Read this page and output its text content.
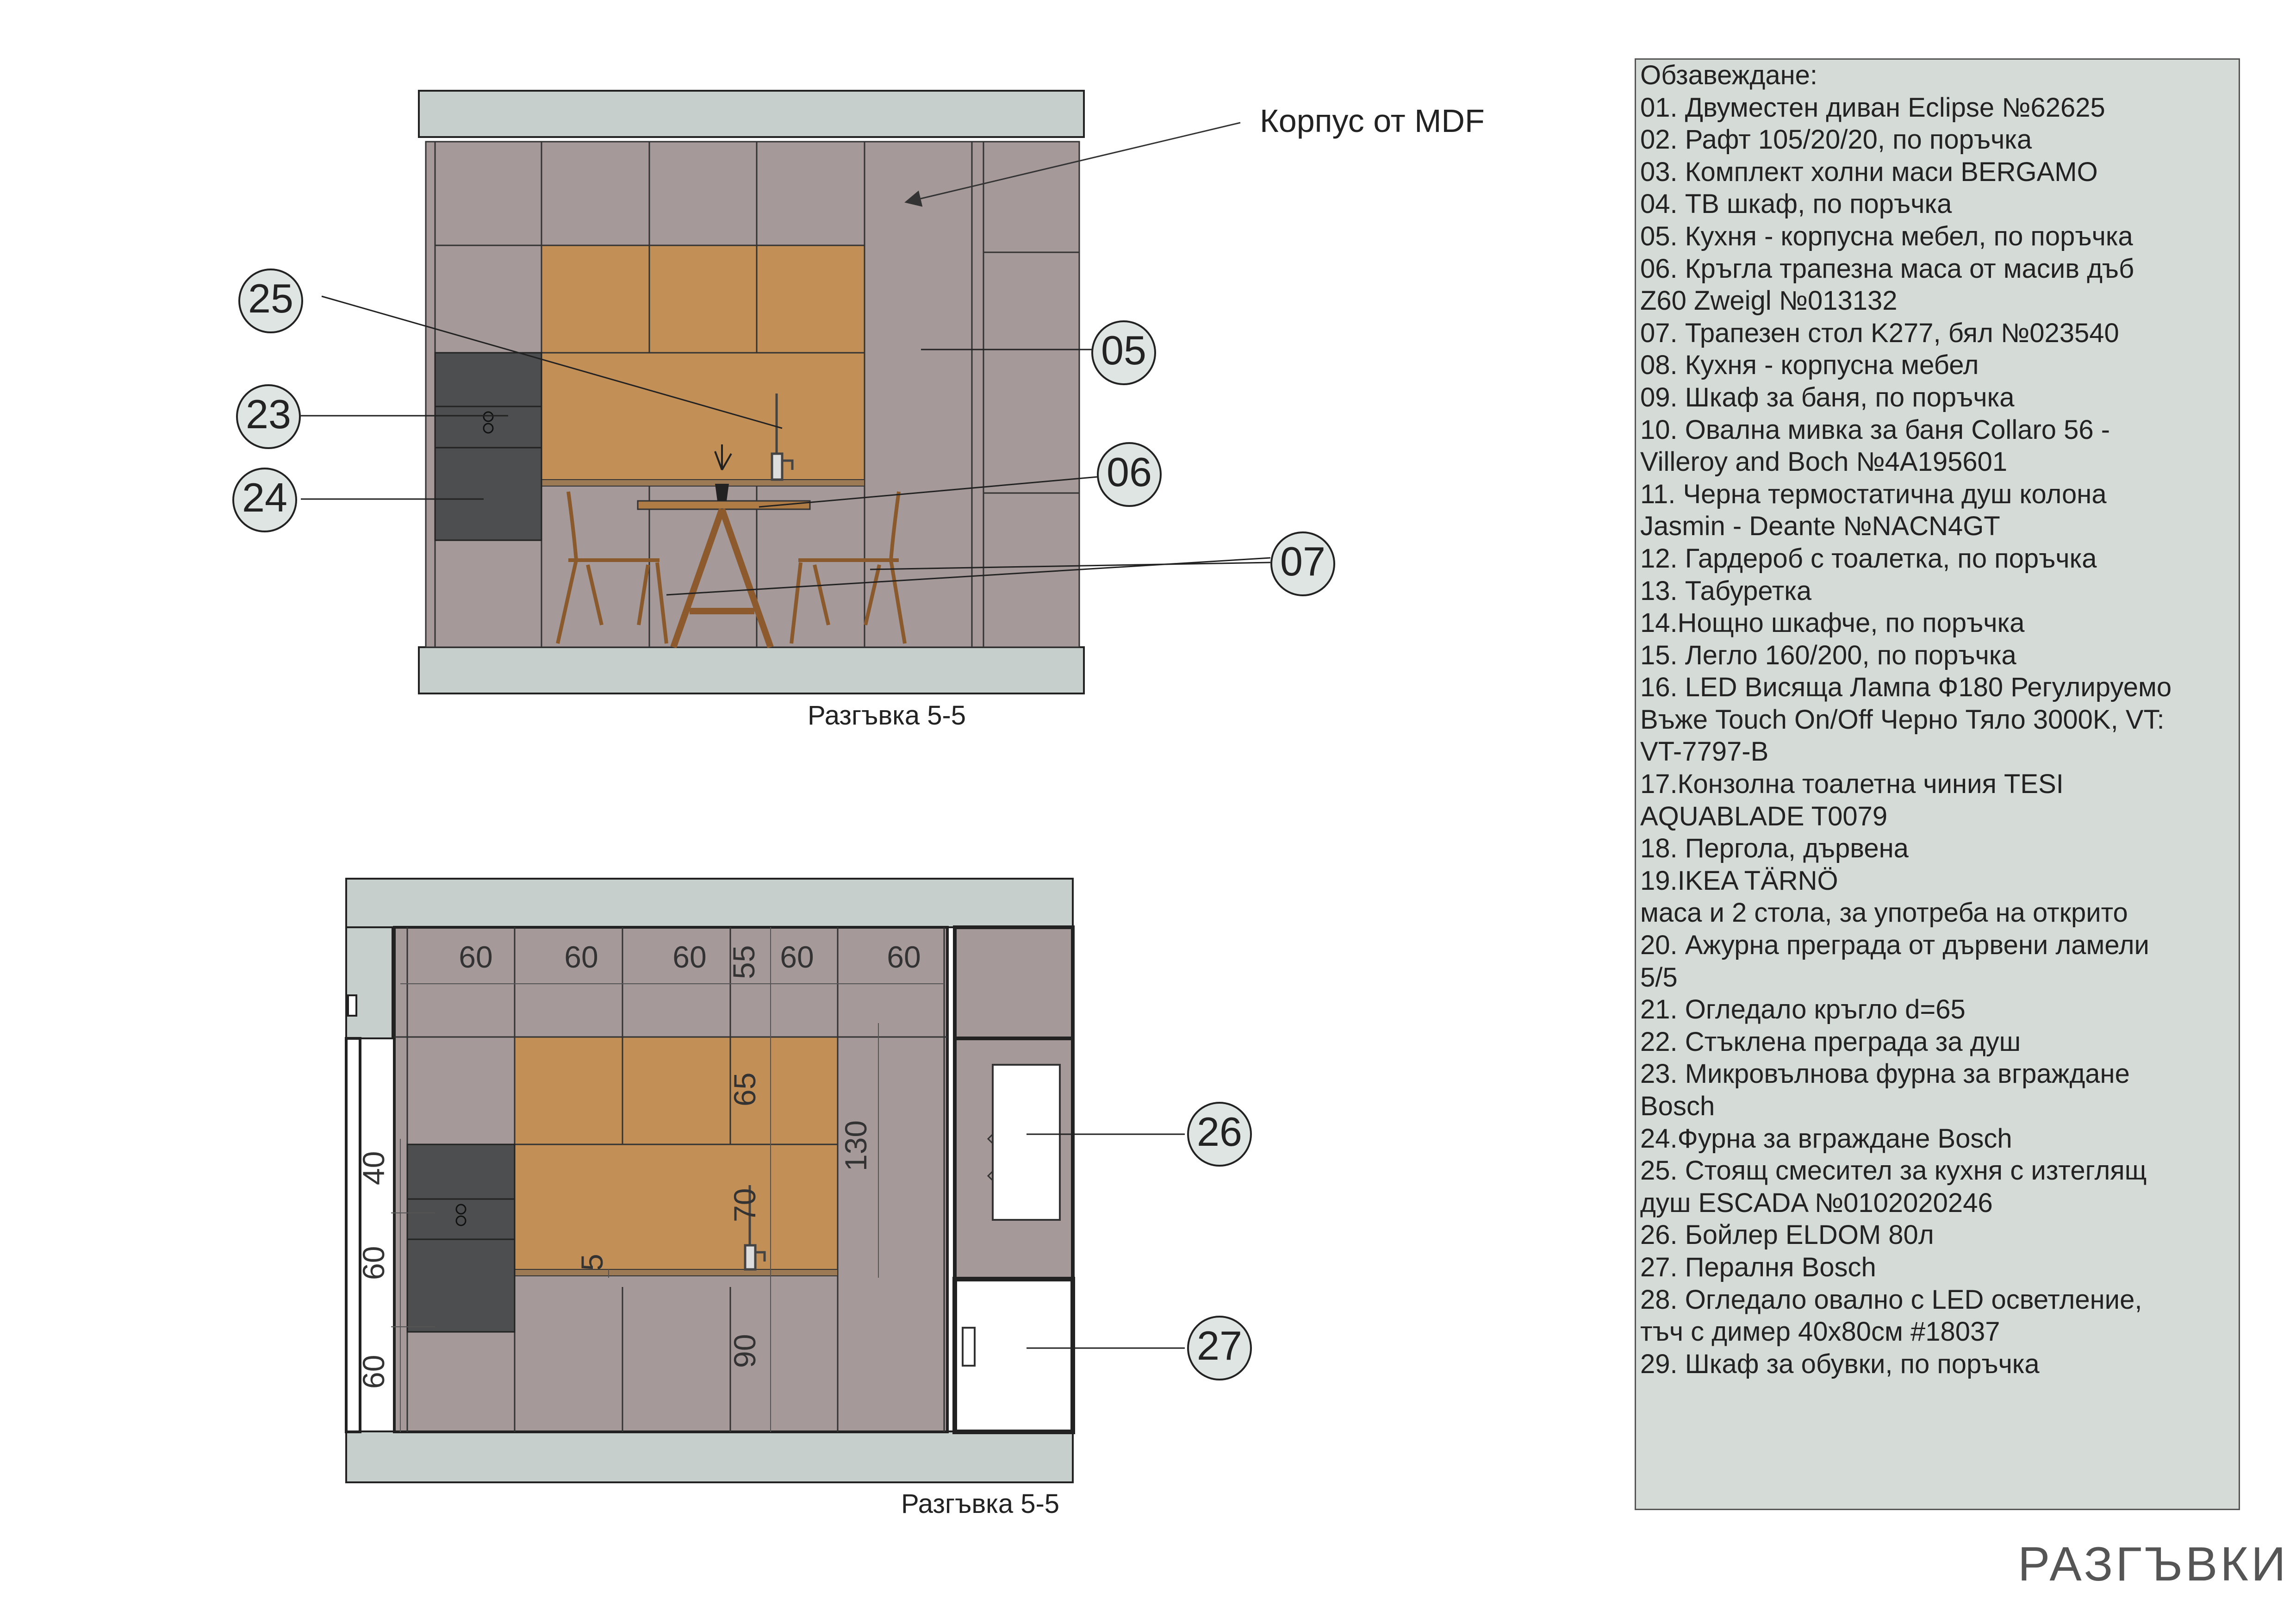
Корпус от MDF
25
23
24
05
06
07
Разгъвка 5-5
60 60 60 55 60 60
65
130
70
5
90
40
60
60
26
27
Разгъвка 5-5
Обзавеждане:
01. Двуместен диван Eclipse №62625
02. Рафт 105/20/20, по поръчка
03. Комплект холни маси BERGAMO
04. ТВ шкаф, по поръчка
05. Кухня - корпусна мебел, по поръчка
06. Кръгла трапезна маса от масив дъб
Z60 Zweigl №013132
07. Трапезен стол K277, бял №023540
08. Кухня - корпусна мебел
09. Шкаф за баня, по поръчка
10. Овална мивка за баня Collaro 56 -
Villeroy and Boch №4A195601
11. Черна термостатична душ колона
Jasmin - Deante №NACN4GT
12. Гардероб с тоалетка, по поръчка
13. Табуретка
14.Нощно шкафче, по поръчка
15. Легло 160/200, по поръчка
16. LED Висяща Лампа Ф180 Регулируемо
Въже Touch On/Off Черно Тяло 3000K, VT:
VT-7797-B
17.Конзолна тоалетна чиния TESI
AQUABLADE T0079
18. Пергола, дървена
19.IKEA TÄRNÖ
маса и 2 стола, за употреба на открито
20. Ажурна преграда от дървени ламели
5/5
21. Огледало кръгло d=65
22. Стъклена преграда за душ
23. Микровълнова фурна за вграждане
Bosch
24.Фурна за вграждане Bosch
25. Стоящ смесител за кухня с изтеглящ
душ ESCADA №0102020246
26. Бойлер ELDOM 80л
27. Пералня Bosch
28. Огледало овално с LED осветление,
тъч с димер 40x80см #18037
29. Шкаф за обувки, по поръчка
РАЗГЪВКИ
